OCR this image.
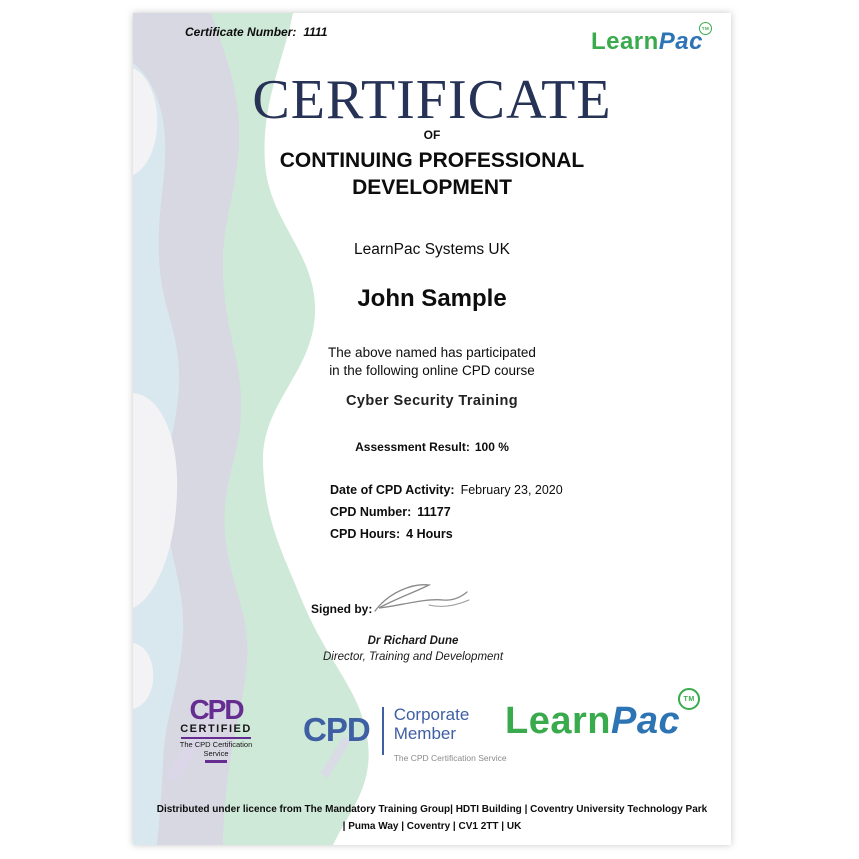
Certificate Number: 1111	LearnPac
TM
CERTIFICATE
OF
CONTINUING PROFESSIONAL
DEVELOPMENT
LearnPac Systems UK
John Sample
The above named has participated
in the following online CPD course
Cyber Security Training
Assessment Result: 100 %
Date of CPD Activity: February 23, 2020
CPD Number: 11177
CPD Hours: 4 Hours
Signed by:
Dr Richard Dune
Director, Training and Development
CPD
CERTIFIED
The CPD Certification
Service
CPD Corporate
Member
The CPD Certification Service
LearnPac
TM
Distributed under licence from The Mandatory Training Group| HDTI Building | Coventry University Technology Park
| Puma Way | Coventry | CV1 2TT | UK
